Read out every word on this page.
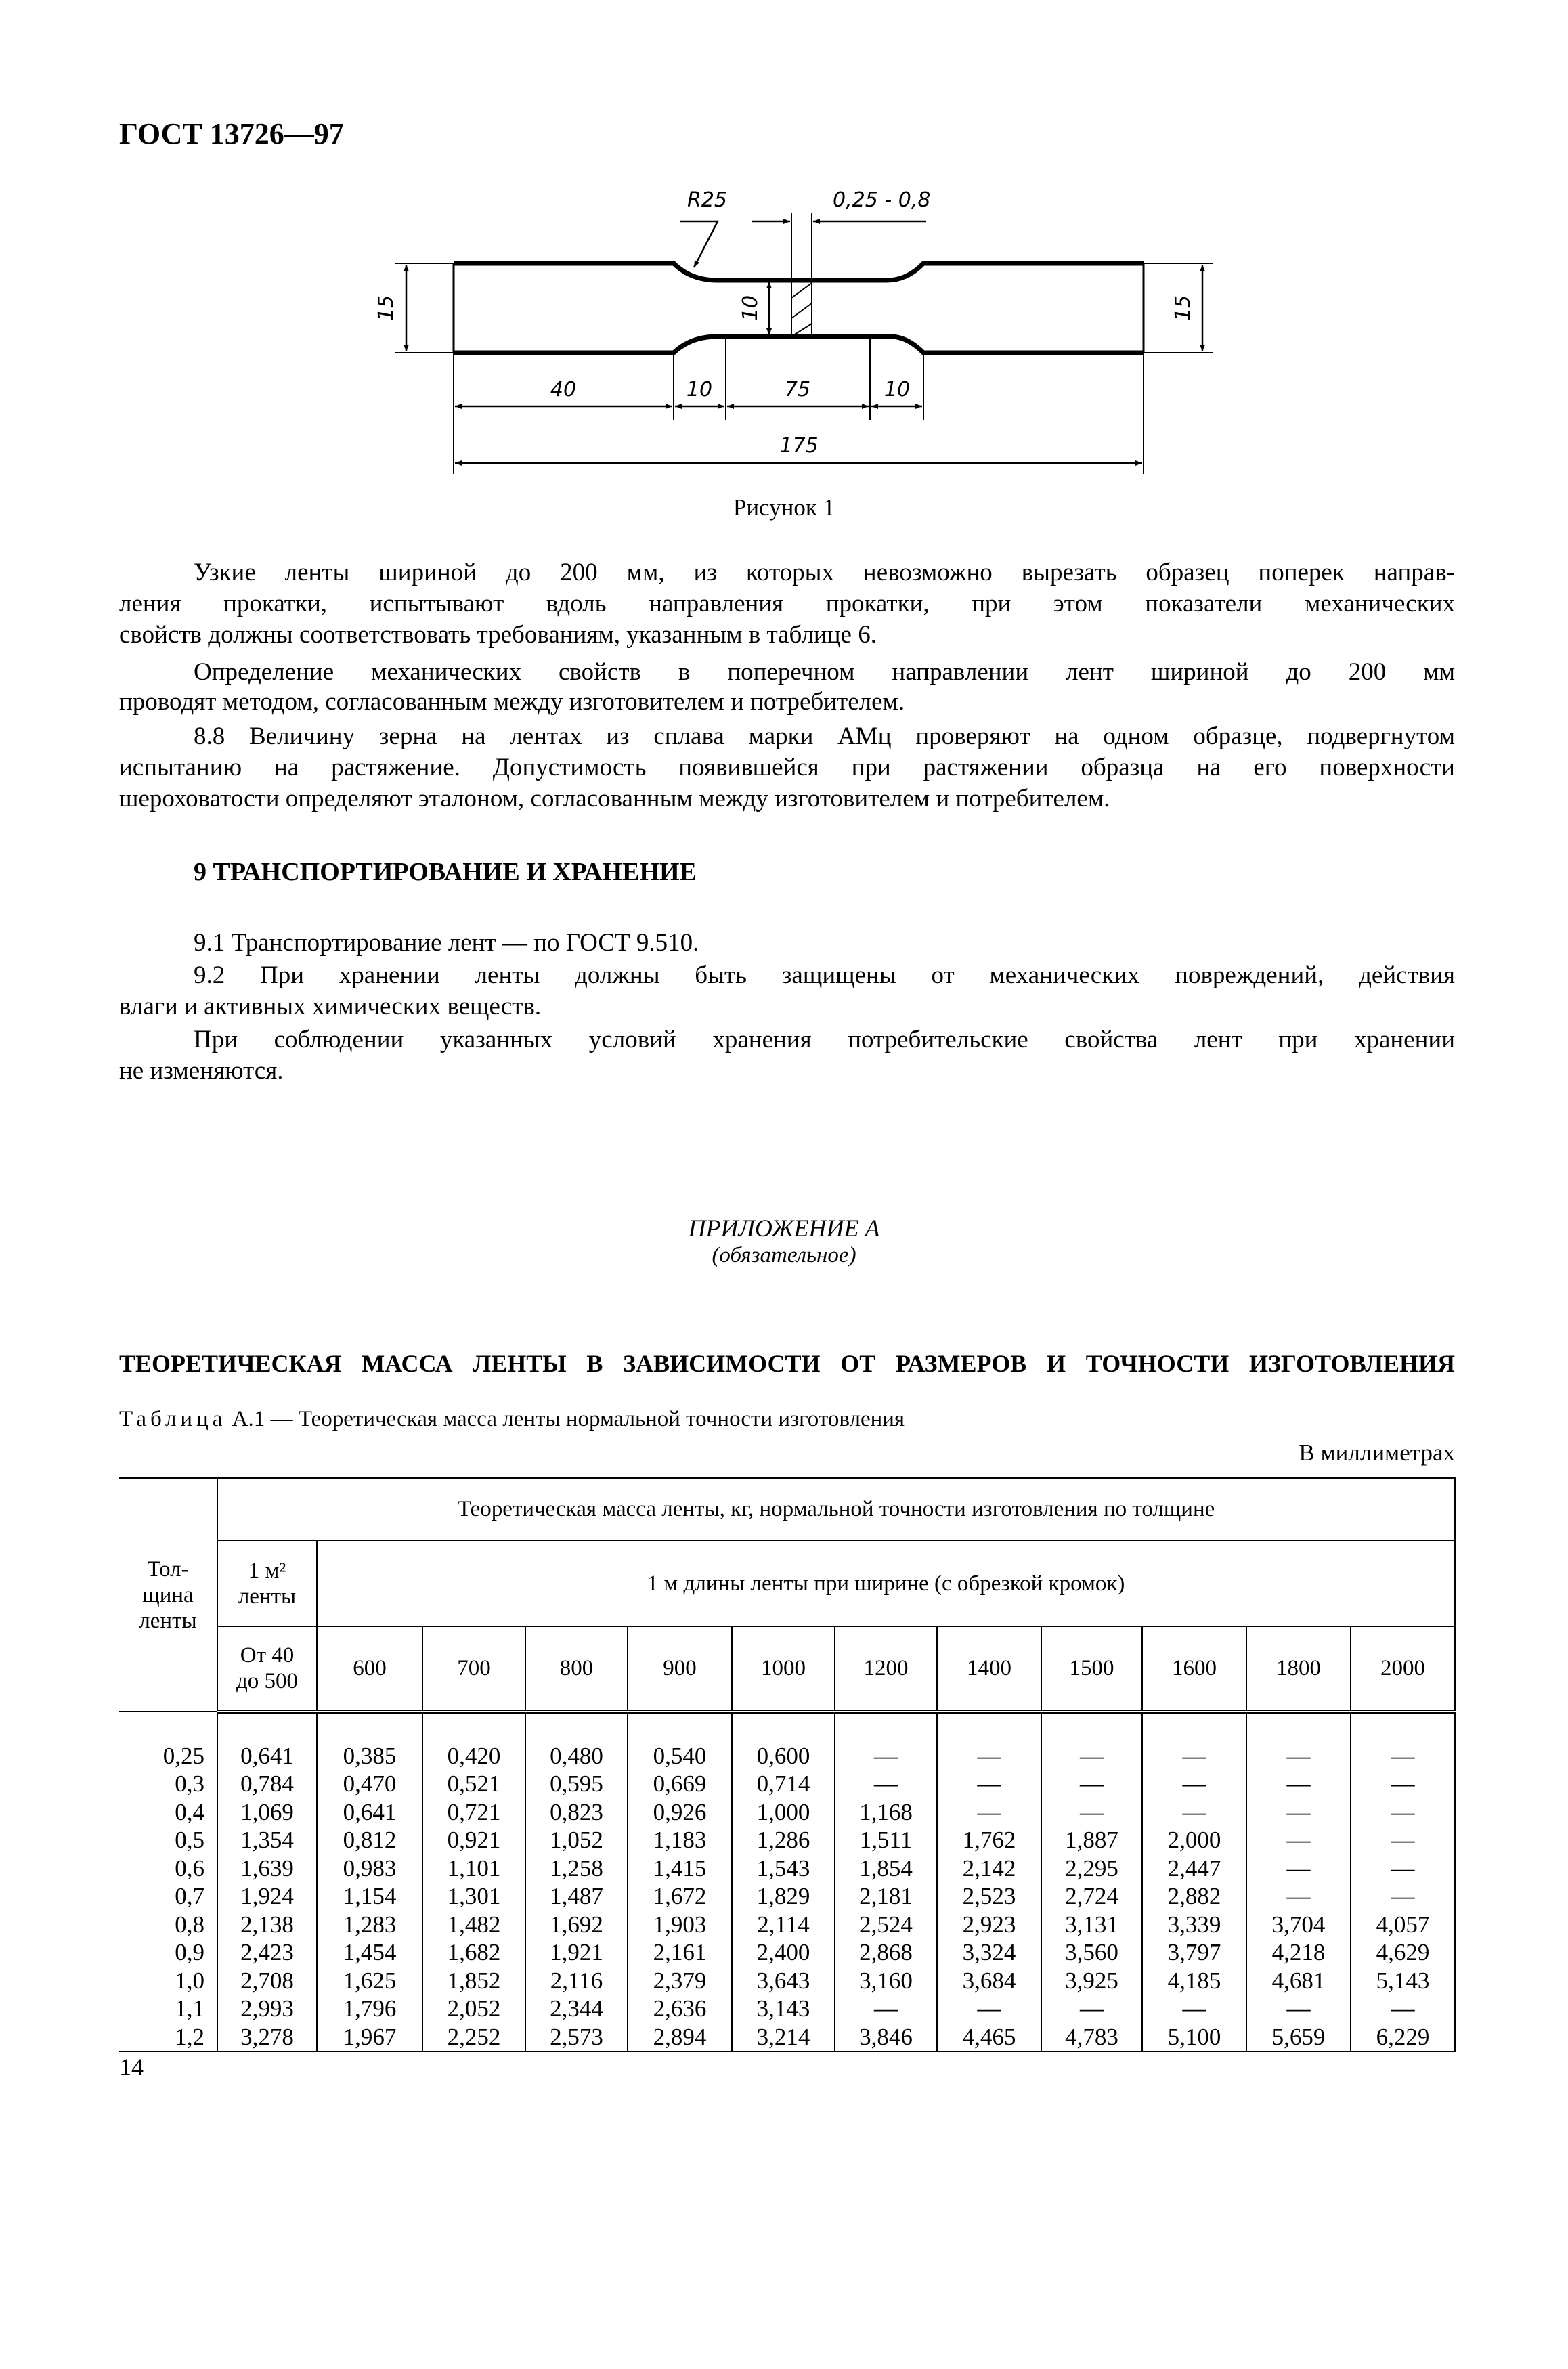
ГОСТ 13726—97
R25	0,25 - 0,8
15	15
10
40	10	75	10
175
Рисунок 1
Узкие ленты шириной до 200 мм, из которых невозможно вырезать образец поперек направ-
ления прокатки, испытывают вдоль направления прокатки, при этом показатели механических
свойств должны соответствовать требованиям, указанным в таблице 6.
Определение механических свойств в поперечном направлении лент шириной до 200 мм
проводят методом, согласованным между изготовителем и потребителем.
8.8 Величину зерна на лентах из сплава марки АМц проверяют на одном образце, подвергнутом
испытанию на растяжение. Допустимость появившейся при растяжении образца на его поверхности
шероховатости определяют эталоном, согласованным между изготовителем и потребителем.
9 ТРАНСПОРТИРОВАНИЕ И ХРАНЕНИЕ
9.1 Транспортирование лент — по ГОСТ 9.510.
9.2 При хранении ленты должны быть защищены от механических повреждений, действия
влаги и активных химических веществ.
При соблюдении указанных условий хранения потребительские свойства лент при хранении
не изменяются.
ПРИЛОЖЕНИЕ А
(обязательное)
ТЕОРЕТИЧЕСКАЯ МАССА ЛЕНТЫ В ЗАВИСИМОСТИ ОТ РАЗМЕРОВ И ТОЧНОСТИ ИЗГОТОВЛЕНИЯ
Таблица А.1 — Теоретическая масса ленты нормальной точности изготовления
В миллиметрах
Тол-щина ленты	Теоретическая масса ленты, кг, нормальной точности изготовления по толщине											
	1 м² ленты	1 м длины ленты при ширине (с обрезкой кромок)										
	От 40 до 500	600	700	800	900	1000	1200	1400	1500	1600	1800	2000

0,25	0,641	0,385	0,420	0,480	0,540	0,600	—	—	—	—	—	—
0,3	0,784	0,470	0,521	0,595	0,669	0,714	—	—	—	—	—	—
0,4	1,069	0,641	0,721	0,823	0,926	1,000	1,168	—	—	—	—	—
0,5	1,354	0,812	0,921	1,052	1,183	1,286	1,511	1,762	1,887	2,000	—	—
0,6	1,639	0,983	1,101	1,258	1,415	1,543	1,854	2,142	2,295	2,447	—	—
0,7	1,924	1,154	1,301	1,487	1,672	1,829	2,181	2,523	2,724	2,882	—	—
0,8	2,138	1,283	1,482	1,692	1,903	2,114	2,524	2,923	3,131	3,339	3,704	4,057
0,9	2,423	1,454	1,682	1,921	2,161	2,400	2,868	3,324	3,560	3,797	4,218	4,629
1,0	2,708	1,625	1,852	2,116	2,379	3,643	3,160	3,684	3,925	4,185	4,681	5,143
1,1	2,993	1,796	2,052	2,344	2,636	3,143	—	—	—	—	—	—
1,2	3,278	1,967	2,252	2,573	2,894	3,214	3,846	4,465	4,783	5,100	5,659	6,229
14
